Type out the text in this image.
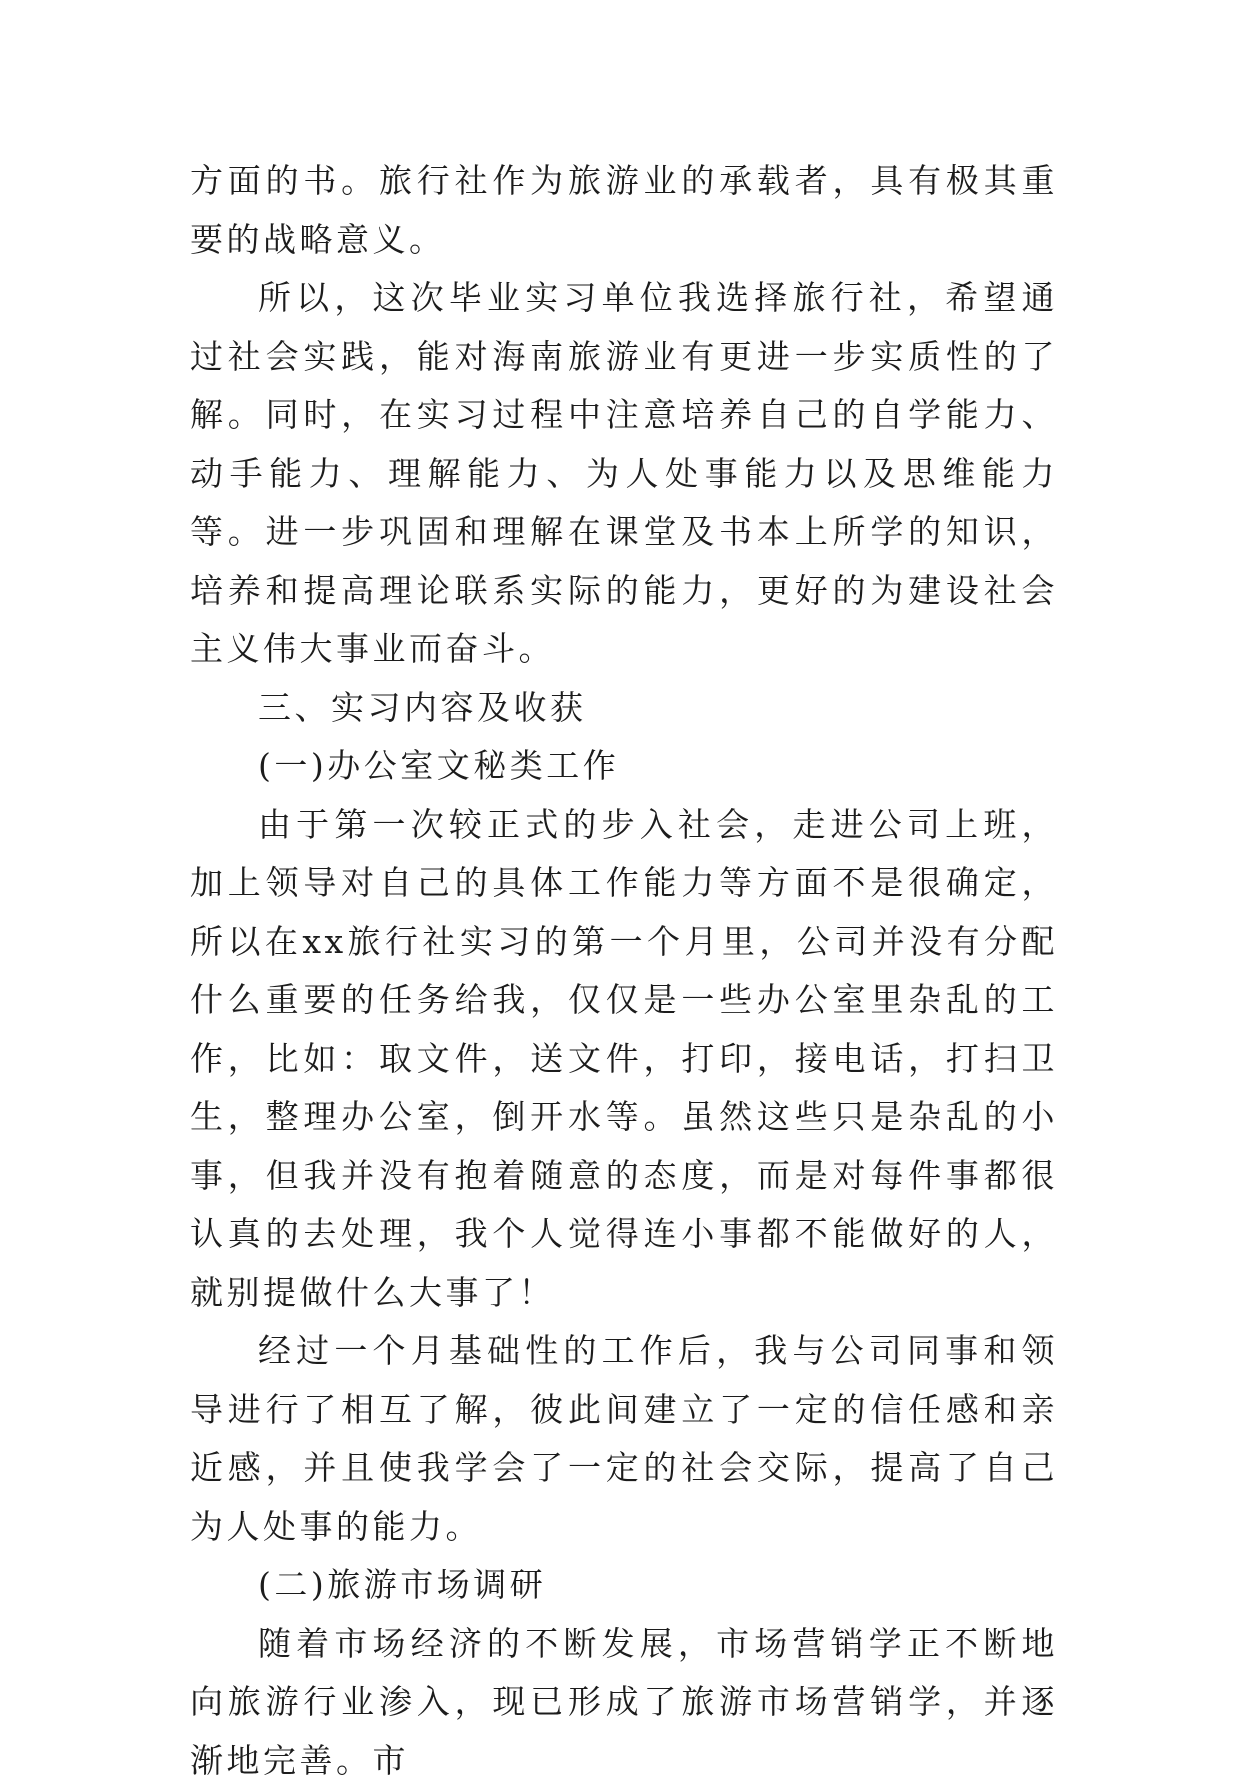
方面的书。旅行社作为旅游业的承载者，具有极其重要的战略意义。

所以，这次毕业实习单位我选择旅行社，希望通过社会实践，能对海南旅游业有更进一步实质性的了解。同时，在实习过程中注意培养自己的自学能力、动手能力、理解能力、为人处事能力以及思维能力等。进一步巩固和理解在课堂及书本上所学的知识，培养和提高理论联系实际的能力，更好的为建设社会主义伟大事业而奋斗。

三、实习内容及收获

(一)办公室文秘类工作

由于第一次较正式的步入社会，走进公司上班，加上领导对自己的具体工作能力等方面不是很确定，所以在xx旅行社实习的第一个月里，公司并没有分配什么重要的任务给我，仅仅是一些办公室里杂乱的工作，比如：取文件，送文件，打印，接电话，打扫卫生，整理办公室，倒开水等。虽然这些只是杂乱的小事，但我并没有抱着随意的态度，而是对每件事都很认真的去处理，我个人觉得连小事都不能做好的人，就别提做什么大事了！

经过一个月基础性的工作后，我与公司同事和领导进行了相互了解，彼此间建立了一定的信任感和亲近感，并且使我学会了一定的社会交际，提高了自己为人处事的能力。

(二)旅游市场调研

随着市场经济的不断发展，市场营销学正不断地向旅游行业渗入，现已形成了旅游市场营销学，并逐渐地完善。市
